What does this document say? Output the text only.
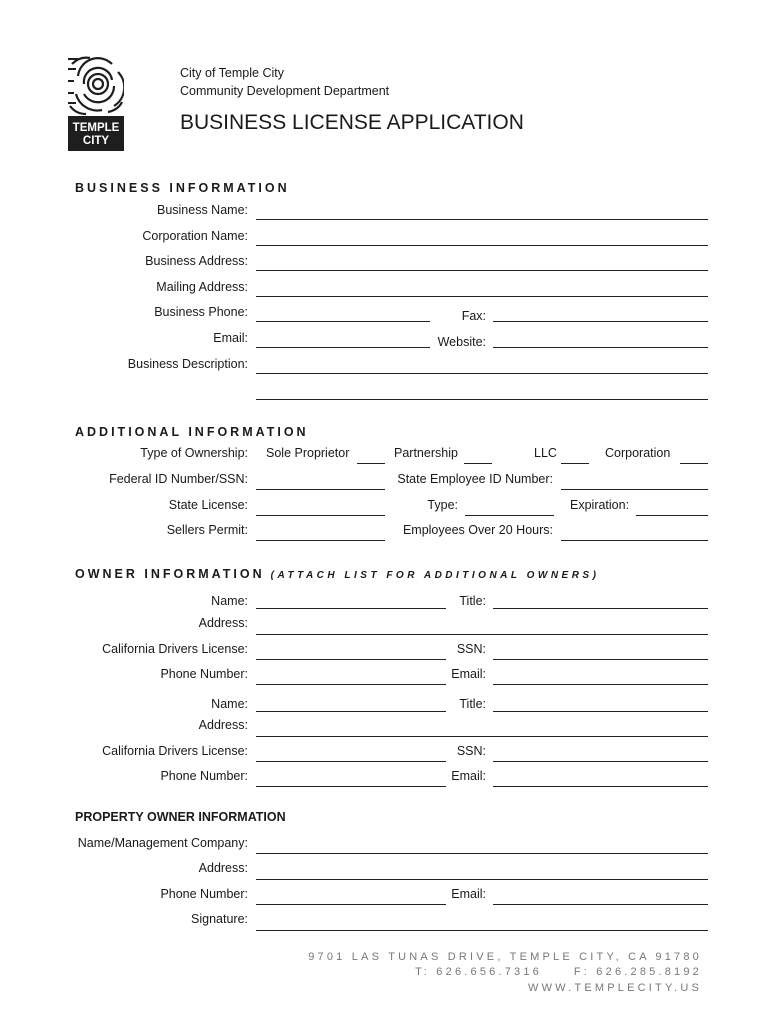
TEMPLE
CITY
City of Temple City
Community Development Department
BUSINESS LICENSE APPLICATION
BUSINESS INFORMATION
Business Name:
Corporation Name:
Business Address:
Mailing Address:
Business Phone:	Fax:
Email:	Website:
Business Description:
ADDITIONAL INFORMATION
Type of Ownership: Sole Proprietor	Partnership	LLC	Corporation
Federal ID Number/SSN:	State Employee ID Number:
State License:	Type:	Expiration:
Sellers Permit:	Employees Over 20 Hours:
OWNER INFORMATION (ATTACH LIST FOR ADDITIONAL OWNERS)
Name:	Title:
Address:
California Drivers License:	SSN:
Phone Number:	Email:
Name:	Title:
Address:
California Drivers License:	SSN:
Phone Number:	Email:
PROPERTY OWNER INFORMATION
Name/Management Company:
Address:
Phone Number:	Email:
Signature:
9701 LAS TUNAS DRIVE, TEMPLE CITY, CA 91780
T: 626.656.7316	F: 626.285.8192
WWW.TEMPLECITY.US
